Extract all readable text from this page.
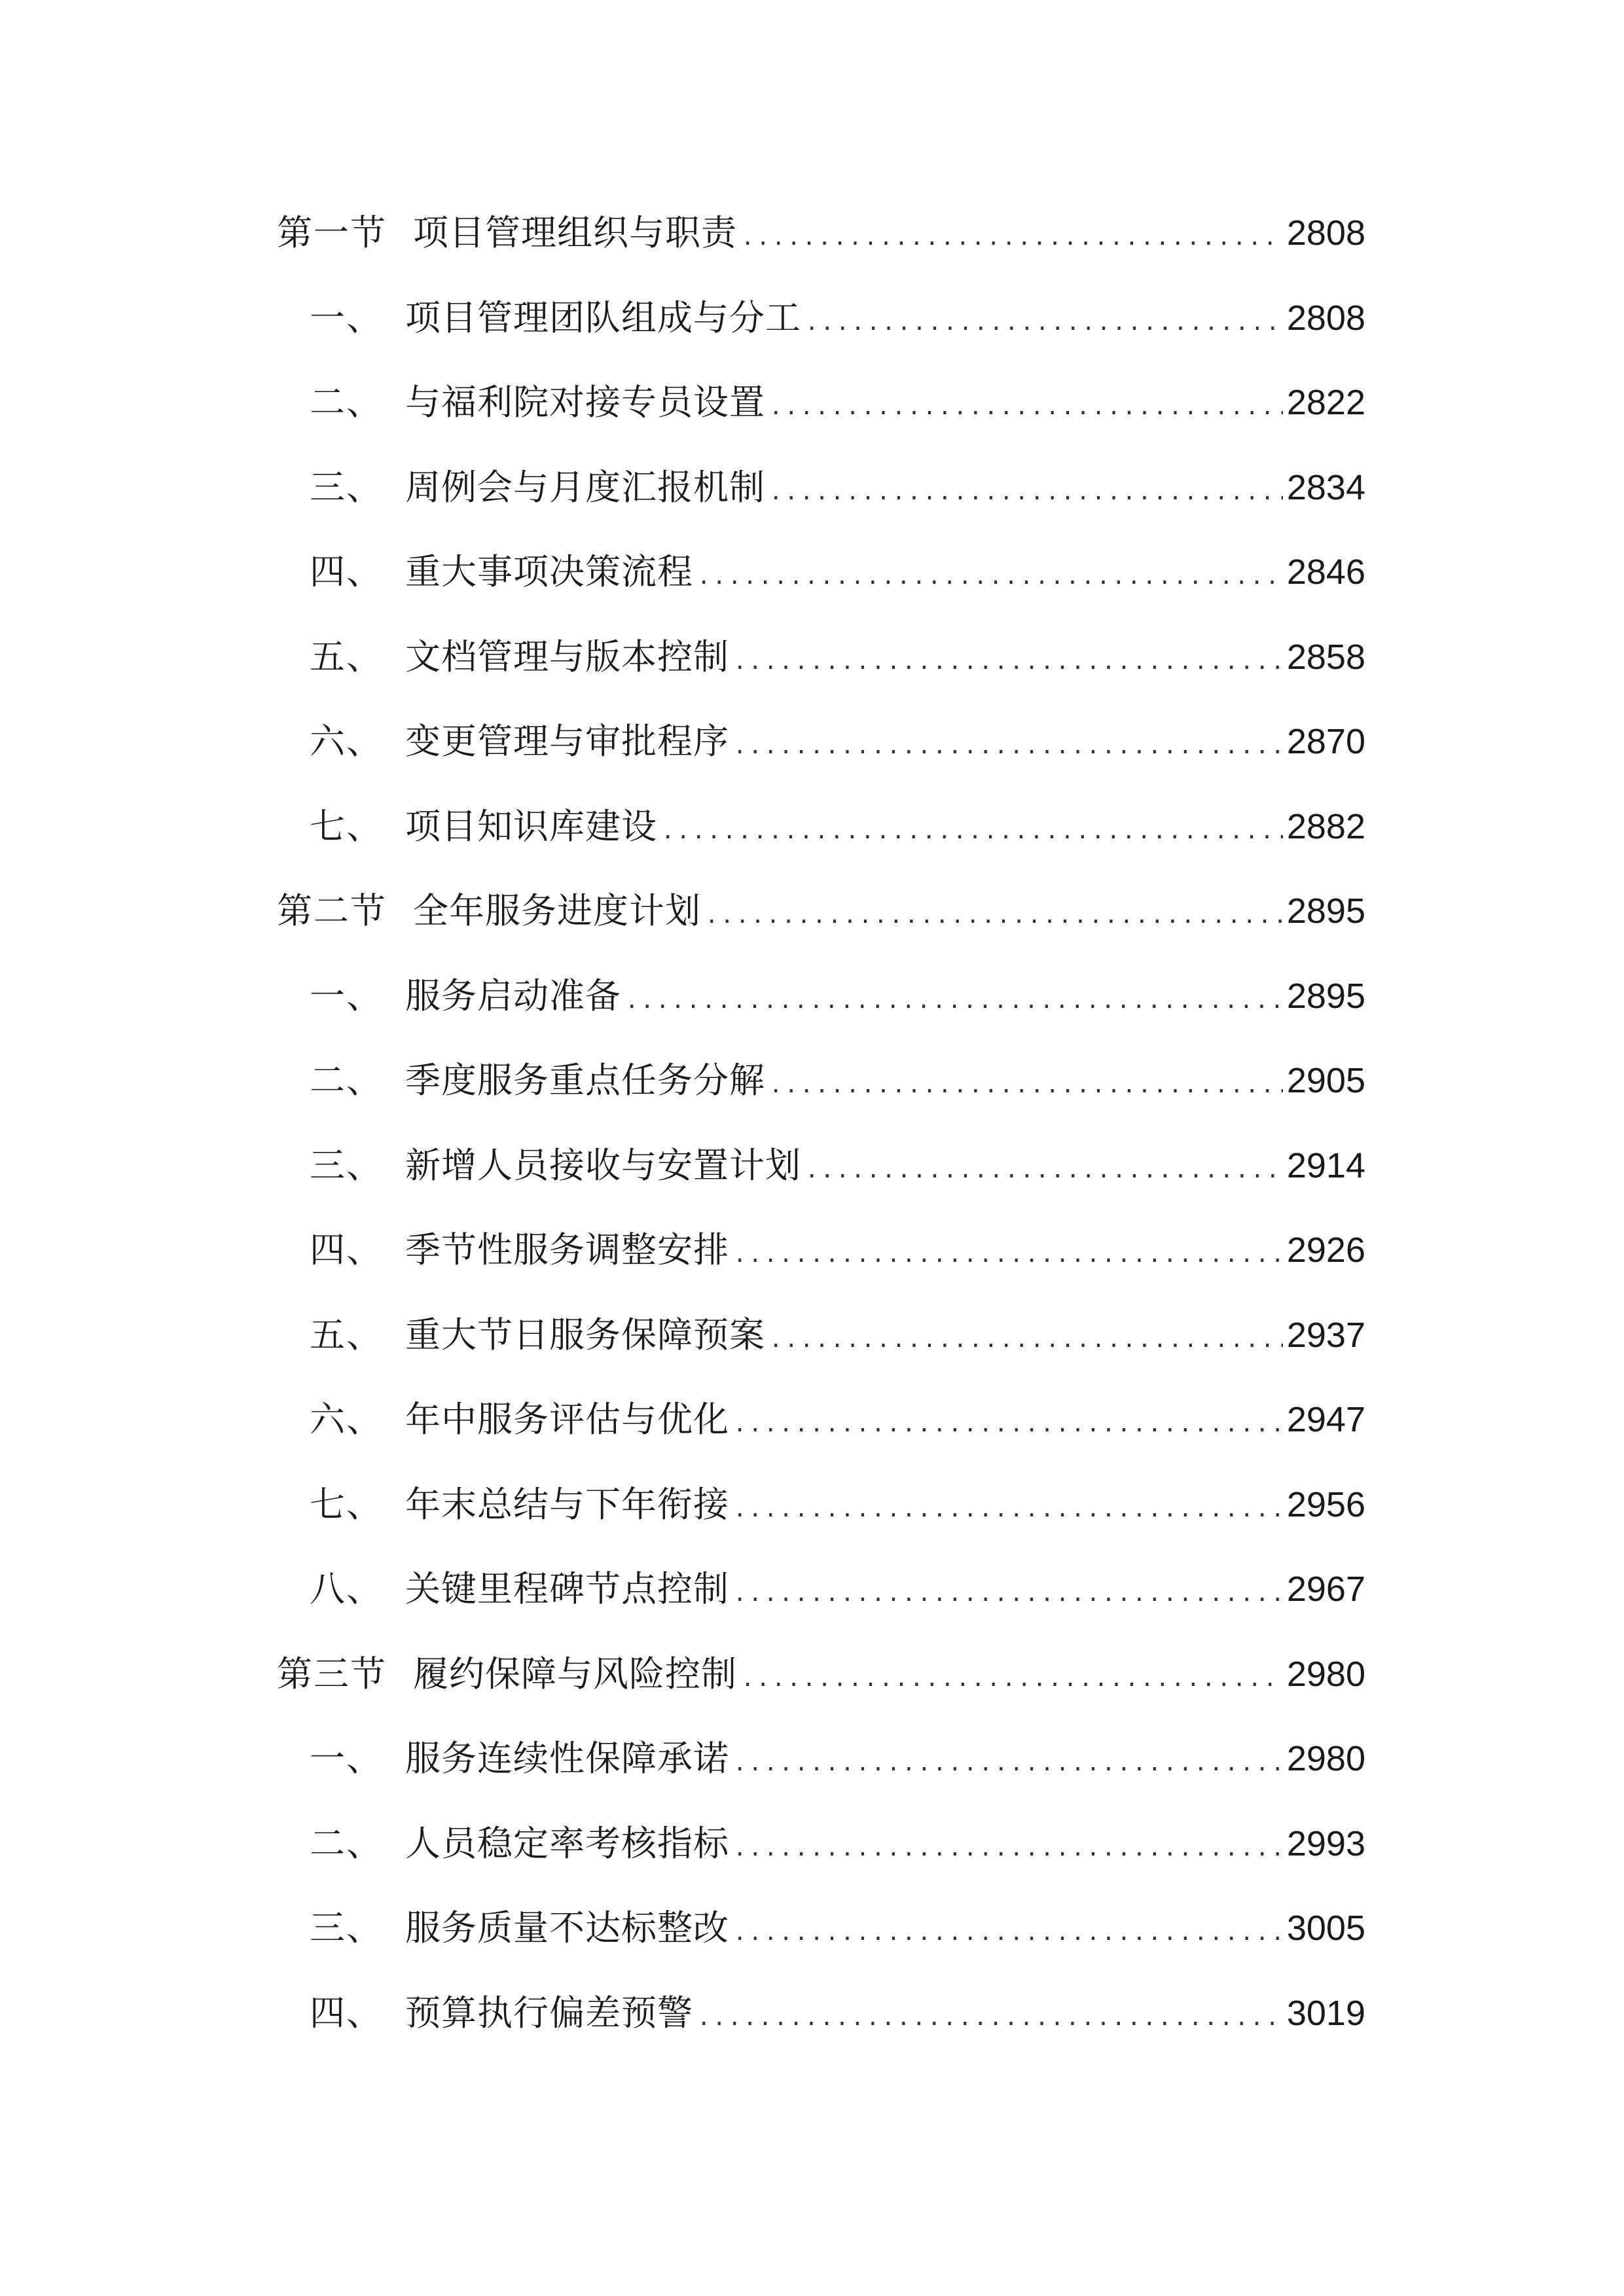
第一节 项目管理组织与职责 .....	2808
一、 项目管理团队组成与分工 .....	2808
二、 与福利院对接专员设置 .....	2822
三、 周例会与月度汇报机制 .....	2834
四、 重大事项决策流程 .....	2846
五、 文档管理与版本控制 .....	2858
六、 变更管理与审批程序 .....	2870
七、 项目知识库建设 .....	2882
第二节 全年服务进度计划 .....	2895
一、 服务启动准备 .....	2895
二、 季度服务重点任务分解 .....	2905
三、 新增人员接收与安置计划 .....	2914
四、 季节性服务调整安排 .....	2926
五、 重大节日服务保障预案 .....	2937
六、 年中服务评估与优化 .....	2947
七、 年末总结与下年衔接 .....	2956
八、 关键里程碑节点控制 .....	2967
第三节 履约保障与风险控制 .....	2980
一、 服务连续性保障承诺 .....	2980
二、 人员稳定率考核指标 .....	2993
三、 服务质量不达标整改 .....	3005
四、 预算执行偏差预警 .....	3019
